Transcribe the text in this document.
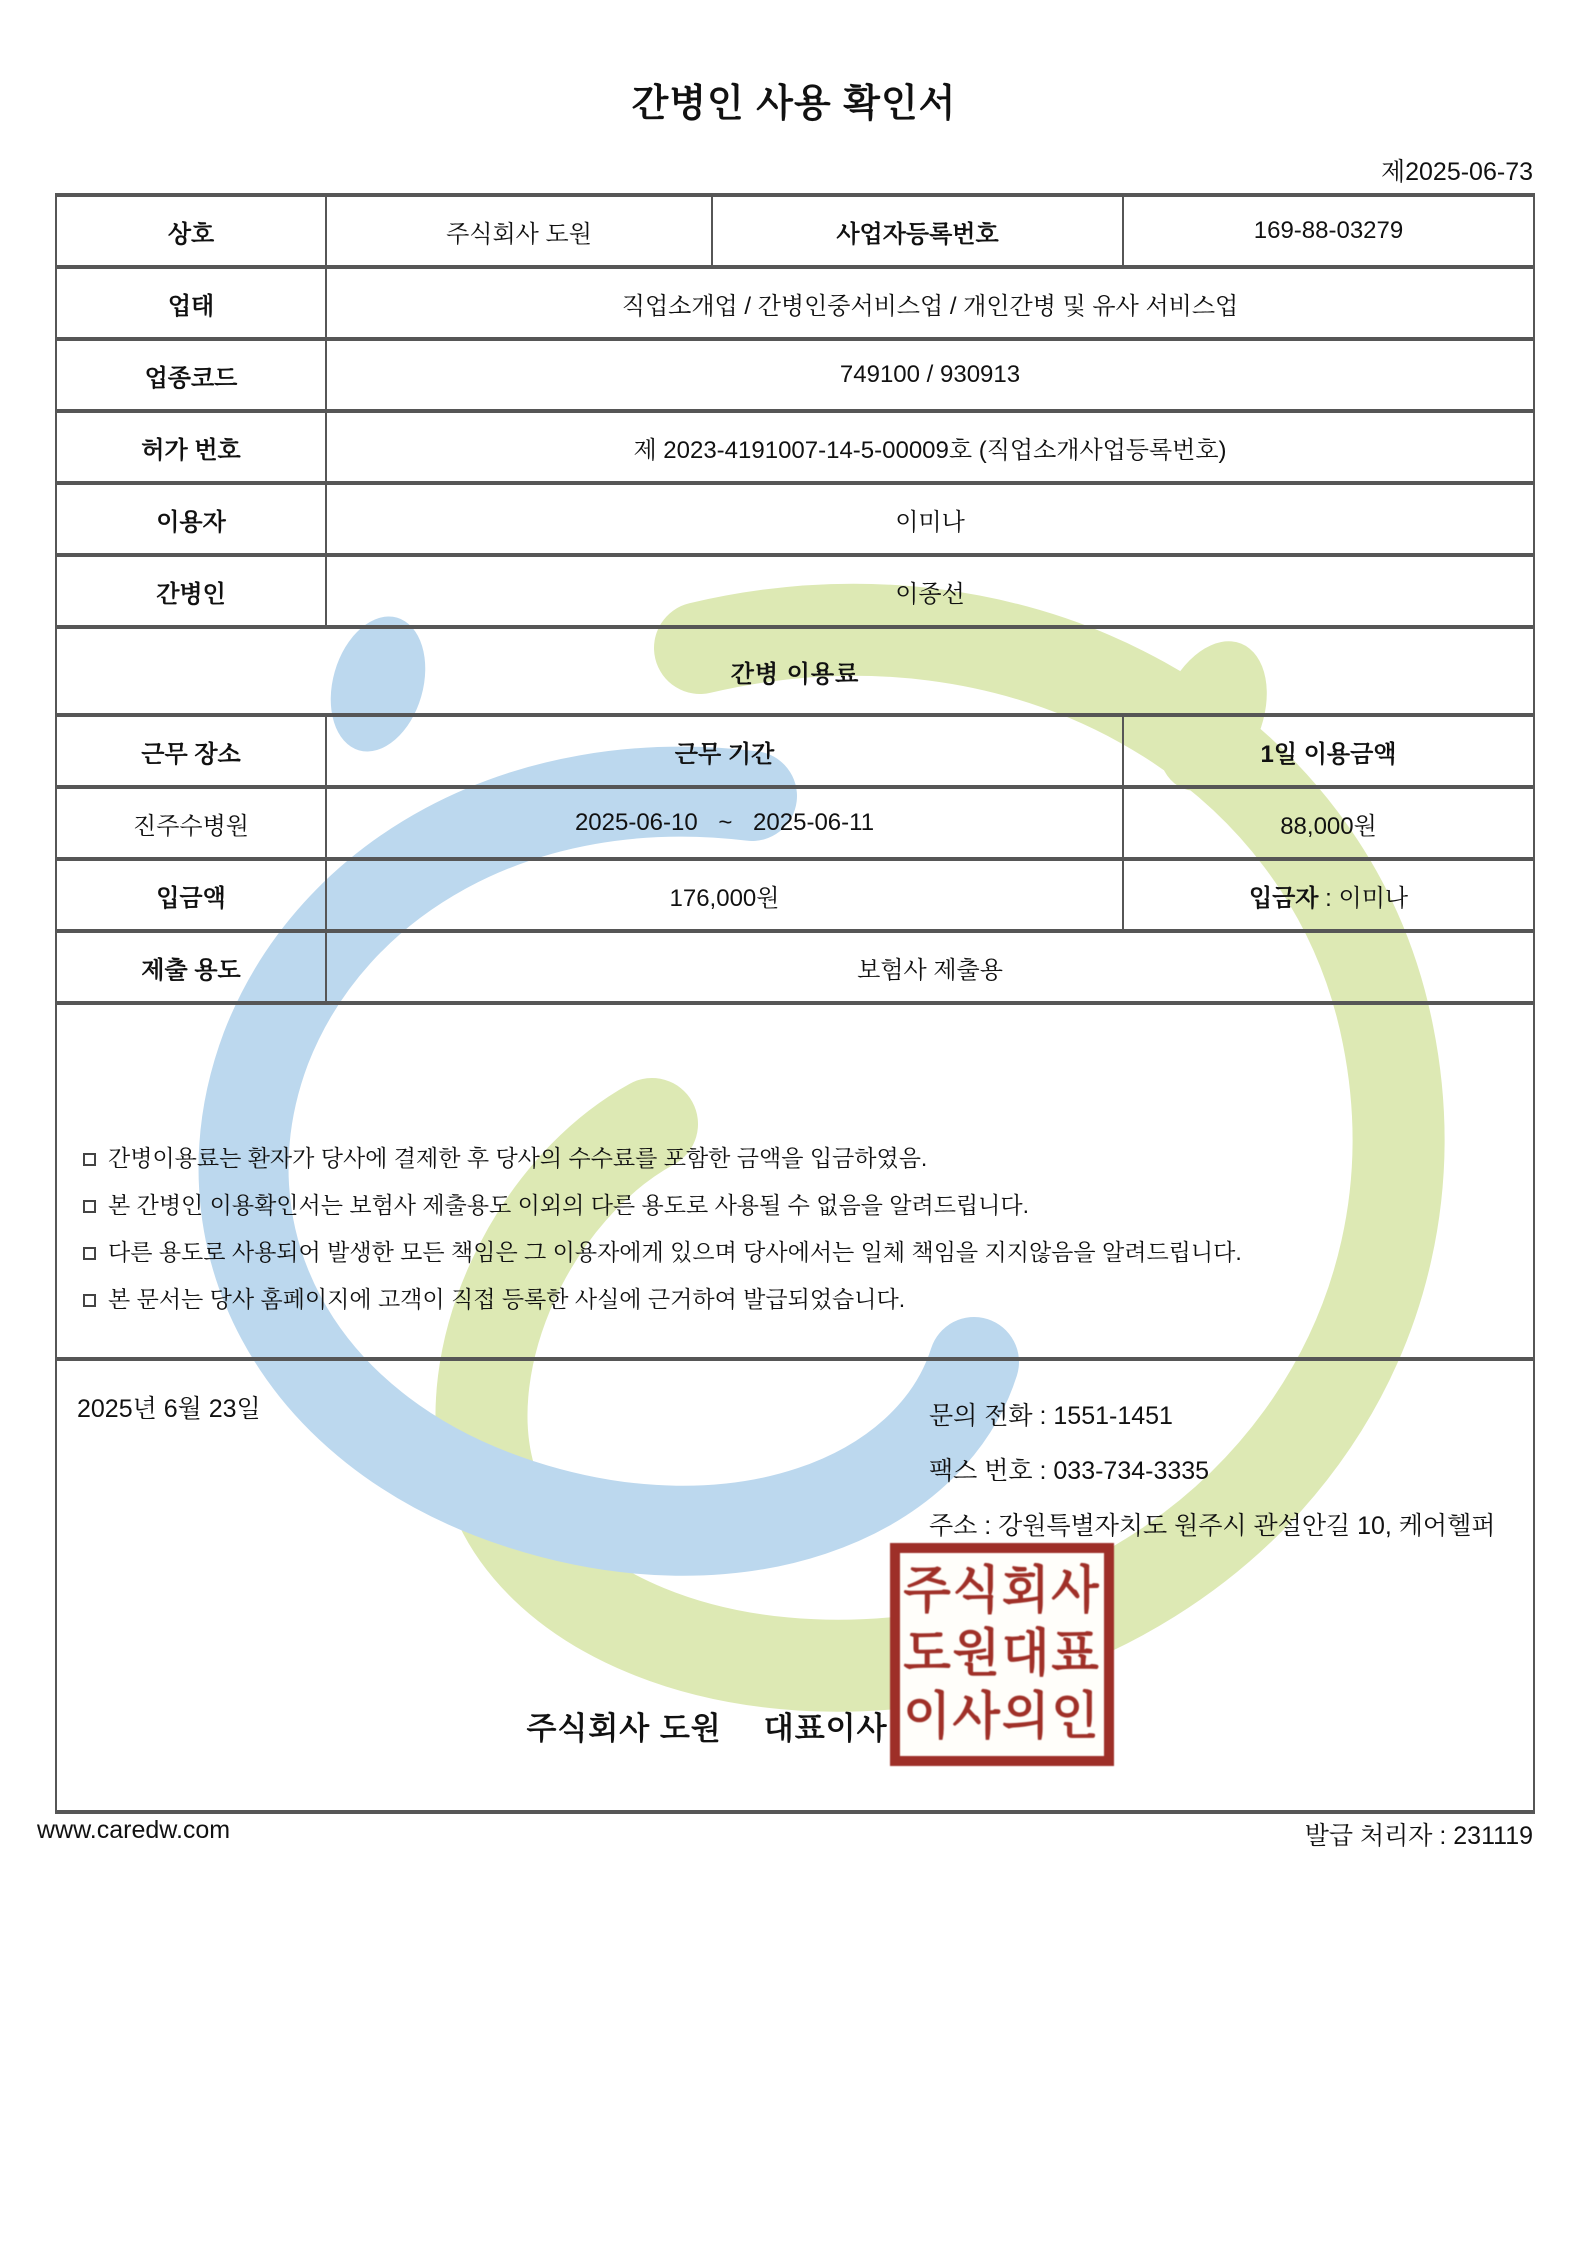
간병인 사용 확인서
제2025-06-73
상호	주식회사 도원	사업자등록번호	169-88-03279
업태	직업소개업 / 간병인중서비스업 / 개인간병 및 유사 서비스업		
업종코드	749100 / 930913		
허가 번호	제 2023-4191007-14-5-00009호 (직업소개사업등록번호)		
이용자	이미나		
간병인	이종선		
간병 이용료			
근무 장소	근무 기간		1일 이용금액
진주수병원	2025-06-10 ~ 2025-06-11		88,000원
입금액	176,000원		입금자 : 이미나
제출 용도	보험사 제출용		

간병이용료는 환자가 당사에 결제한 후 당사의 수수료를 포함한 금액을 입금하였음.
본 간병인 이용확인서는 보험사 제출용도 이외의 다른 용도로 사용될 수 없음을 알려드립니다.
다른 용도로 사용되어 발생한 모든 책임은 그 이용자에게 있으며 당사에서는 일체 책임을 지지않음을 알려드립니다.
본 문서는 당사 홈페이지에 고객이 직접 등록한 사실에 근거하여 발급되었습니다.			

2025년 6월 23일	문의 전화 : 1551-1451
팩스 번호 : 033-734-3335
주소 : 강원특별자치도 원주시 관설안길 10, 케어헬퍼
주식회사 도원 대표이사
주식회사
도원대표
이사의인
www.caredw.com	발급 처리자 : 231119
